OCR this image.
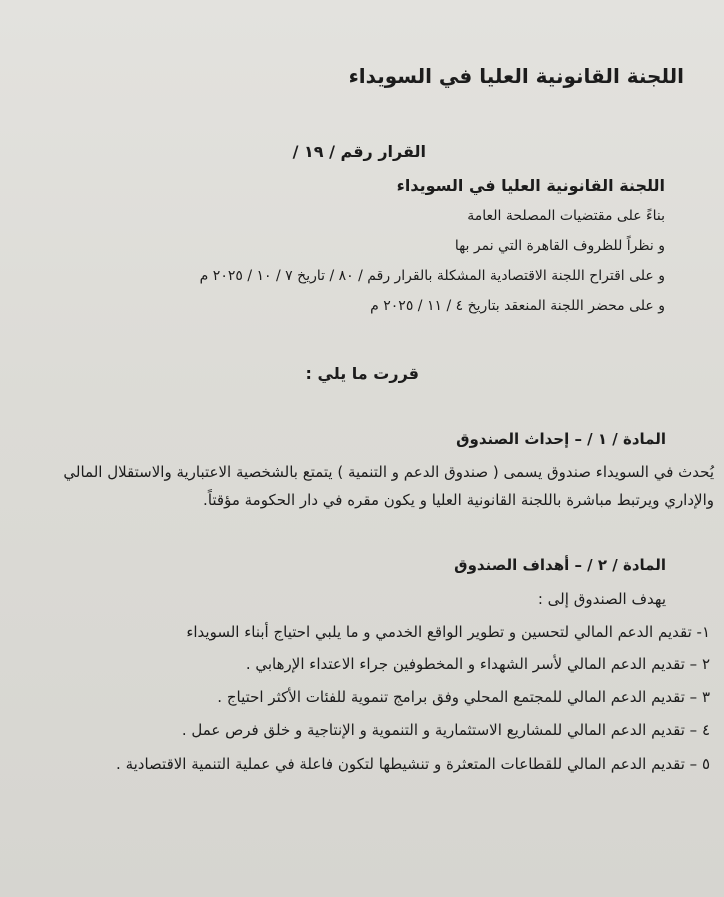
اللجنة القانونية العليا في السويداء
القرار رقم / ١٩ /
اللجنة القانونية العليا في السويداء
بناءً على مقتضيات المصلحة العامة
و نظراً للظروف القاهرة التي نمر بها
و على اقتراح اللجنة الاقتصادية المشكلة بالقرار رقم / ٨٠ / تاريخ ٧ / ١٠ / ٢٠٢٥ م
و على محضر اللجنة المنعقد بتاريخ ٤ / ١١ / ٢٠٢٥ م
قررت ما يلي :
المادة / ١ / – إحداث الصندوق
يُحدث في السويداء صندوق يسمى ( صندوق الدعم و التنمية ) يتمتع بالشخصية الاعتبارية والاستقلال المالي
والإداري ويرتبط مباشرة باللجنة القانونية العليا و يكون مقره في دار الحكومة مؤقتاً.
المادة / ٢ / – أهداف الصندوق
يهدف الصندوق إلى :
١- تقديم الدعم المالي لتحسين و تطوير الواقع الخدمي و ما يلبي احتياج أبناء السويداء
٢ – تقديم الدعم المالي لأسر الشهداء و المخطوفين جراء الاعتداء الإرهابي .
٣ – تقديم الدعم المالي للمجتمع المحلي وفق برامج تنموية للفئات الأكثر احتياج .
٤ – تقديم الدعم المالي للمشاريع الاستثمارية و التنموية و الإنتاجية و خلق فرص عمل .
٥ – تقديم الدعم المالي للقطاعات المتعثرة و تنشيطها لتكون فاعلة في عملية التنمية الاقتصادية .
